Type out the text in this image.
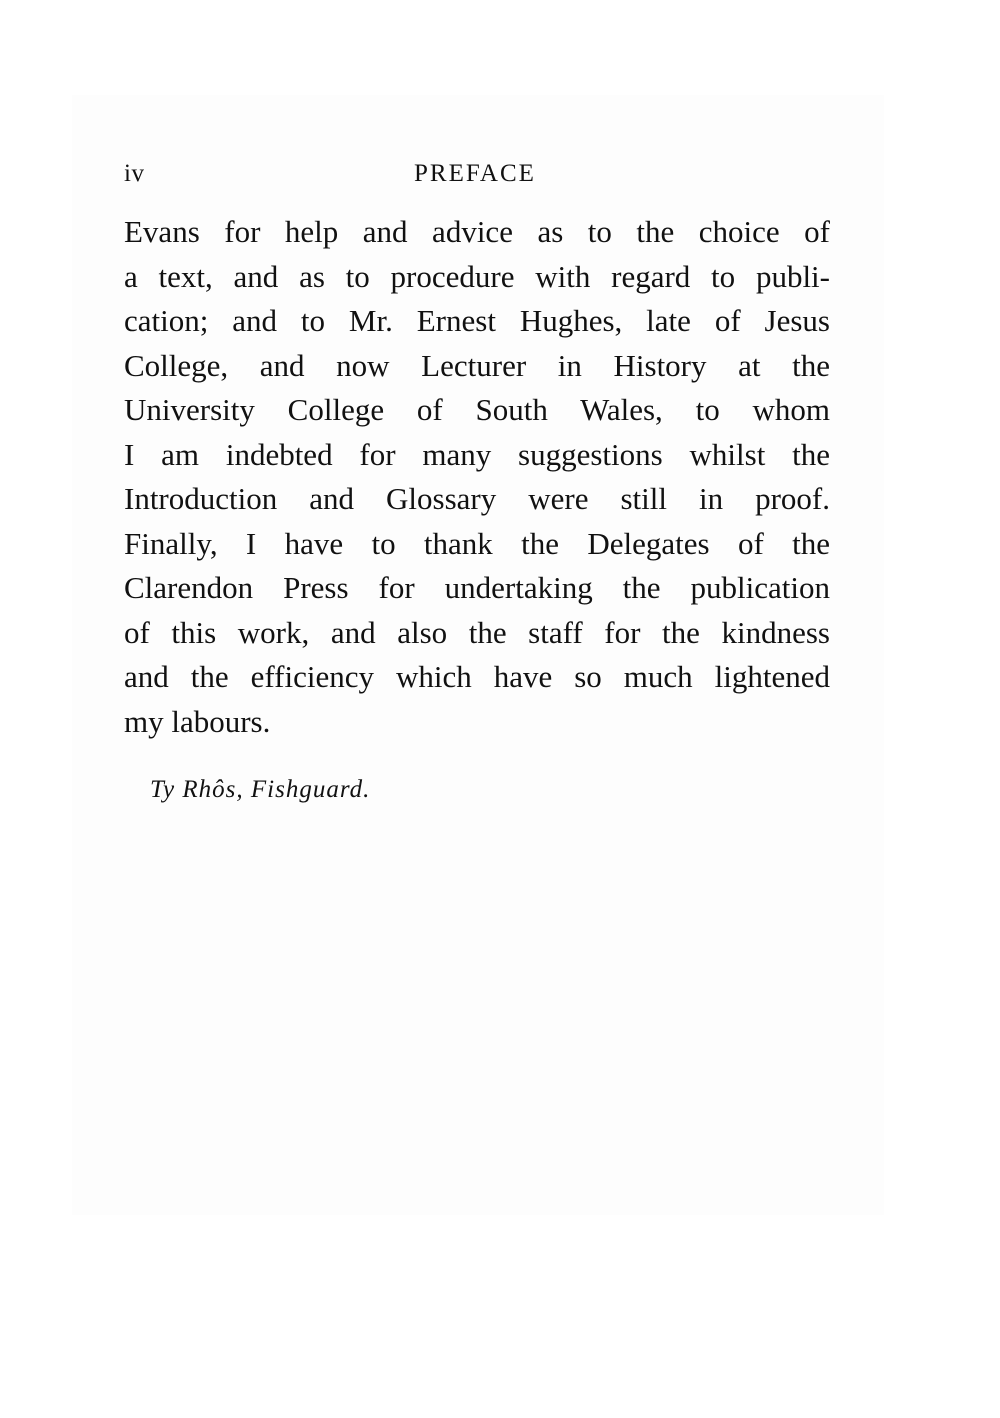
iv	PREFACE
Evans for help and advice as to the choice of
a text, and as to procedure with regard to publi-
cation; and to Mr. Ernest Hughes, late of Jesus
College, and now Lecturer in History at the
University College of South Wales, to whom
I am indebted for many suggestions whilst the
Introduction and Glossary were still in proof.
Finally, I have to thank the Delegates of the
Clarendon Press for undertaking the publication
of this work, and also the staff for the kindness
and the efficiency which have so much lightened
my labours.
Ty Rhôs, Fishguard.
